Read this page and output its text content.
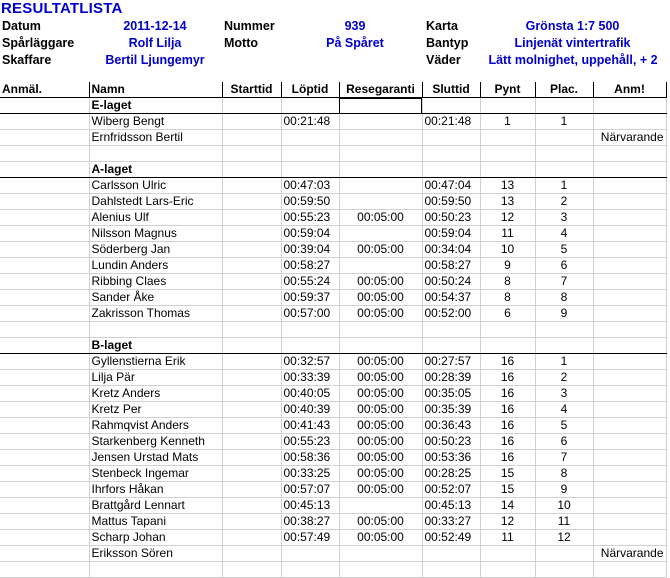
RESULTATLISTA
Datum	2011-12-14	Nummer	939	Karta	Grönsta 1:7 500
Spårläggare	Rolf Lilja	Motto	På Spåret	Bantyp	Linjenät vintertrafik
Skaffare	Bertil Ljungemyr	Väder	Lätt molnighet, uppehåll, + 2
Anmäl.	Namn	Starttid	Löptid	Resegaranti	Sluttid	Pynt	Plac.	Anm!
	E-laget							
	Wiberg Bengt		00:21:48		00:21:48	1	1	
	Ernfridsson Bertil							Närvarande

	A-laget							
	Carlsson Ulric		00:47:03		00:47:04	13	1	
	Dahlstedt Lars-Eric		00:59:50		00:59:50	13	2	
	Alenius Ulf		00:55:23	00:05:00	00:50:23	12	3	
	Nilsson Magnus		00:59:04		00:59:04	11	4	
	Söderberg Jan		00:39:04	00:05:00	00:34:04	10	5	
	Lundin Anders		00:58:27		00:58:27	9	6	
	Ribbing Claes		00:55:24	00:05:00	00:50:24	8	7	
	Sander Åke		00:59:37	00:05:00	00:54:37	8	8	
	Zakrisson Thomas		00:57:00	00:05:00	00:52:00	6	9	

	B-laget							
	Gyllenstierna Erik		00:32:57	00:05:00	00:27:57	16	1	
	Lilja Pär		00:33:39	00:05:00	00:28:39	16	2	
	Kretz Anders		00:40:05	00:05:00	00:35:05	16	3	
	Kretz Per		00:40:39	00:05:00	00:35:39	16	4	
	Rahmqvist Anders		00:41:43	00:05:00	00:36:43	16	5	
	Starkenberg Kenneth		00:55:23	00:05:00	00:50:23	16	6	
	Jensen Urstad Mats		00:58:36	00:05:00	00:53:36	16	7	
	Stenbeck Ingemar		00:33:25	00:05:00	00:28:25	15	8	
	Ihrfors Håkan		00:57:07	00:05:00	00:52:07	15	9	
	Brattgård Lennart		00:45:13		00:45:13	14	10	
	Mattus Tapani		00:38:27	00:05:00	00:33:27	12	11	
	Scharp Johan		00:57:49	00:05:00	00:52:49	11	12	
	Eriksson Sören							Närvarande
